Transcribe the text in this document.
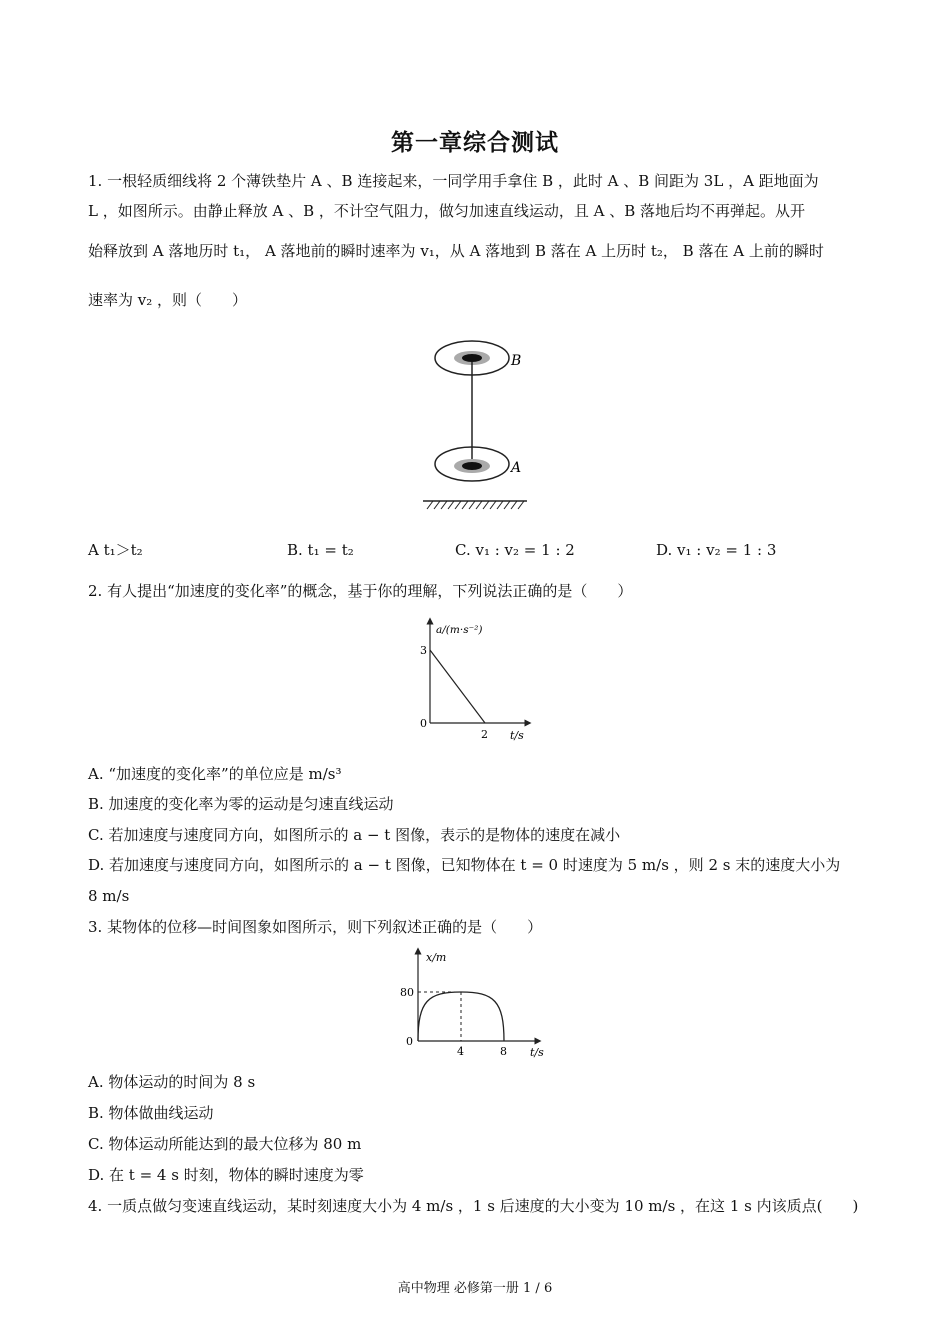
第一章综合测试
1. 一根轻质细线将 2 个薄铁垫片 A 、B 连接起来，一同学用手拿住 B ，此时 A 、B 间距为 3L ，A 距地面为
L ，如图所示。由静止释放 A 、B ，不计空气阻力，做匀加速直线运动，且 A 、B 落地后均不再弹起。从开
始释放到 A 落地历时 t₁， A 落地前的瞬时速率为 v₁，从 A 落地到 B 落在 A 上历时 t₂， B 落在 A 上前的瞬时
速率为 v₂ ，则（　　）
B
A
A t₁＞t₂	B. t₁ = t₂	C. v₁ : v₂ = 1 : 2	D. v₁ : v₂ = 1 : 3
2. 有人提出“加速度的变化率”的概念，基于你的理解，下列说法正确的是（　　）
a/(m·s⁻²)
3
0
2 t/s
A. “加速度的变化率”的单位应是 m/s³
B. 加速度的变化率为零的运动是匀速直线运动
C. 若加速度与速度同方向，如图所示的 a − t 图像，表示的是物体的速度在减小
D. 若加速度与速度同方向，如图所示的 a − t 图像，已知物体在 t = 0 时速度为 5 m/s ，则 2 s 末的速度大小为
8 m/s
3. 某物体的位移—时间图象如图所示，则下列叙述正确的是（　　）
x/m
80
0
4	8 t/s
A. 物体运动的时间为 8 s
B. 物体做曲线运动
C. 物体运动所能达到的最大位移为 80 m
D. 在 t = 4 s 时刻，物体的瞬时速度为零
4. 一质点做匀变速直线运动，某时刻速度大小为 4 m/s ，1 s 后速度的大小变为 10 m/s ，在这 1 s 内该质点(　　)
高中物理 必修第一册 1 / 6
